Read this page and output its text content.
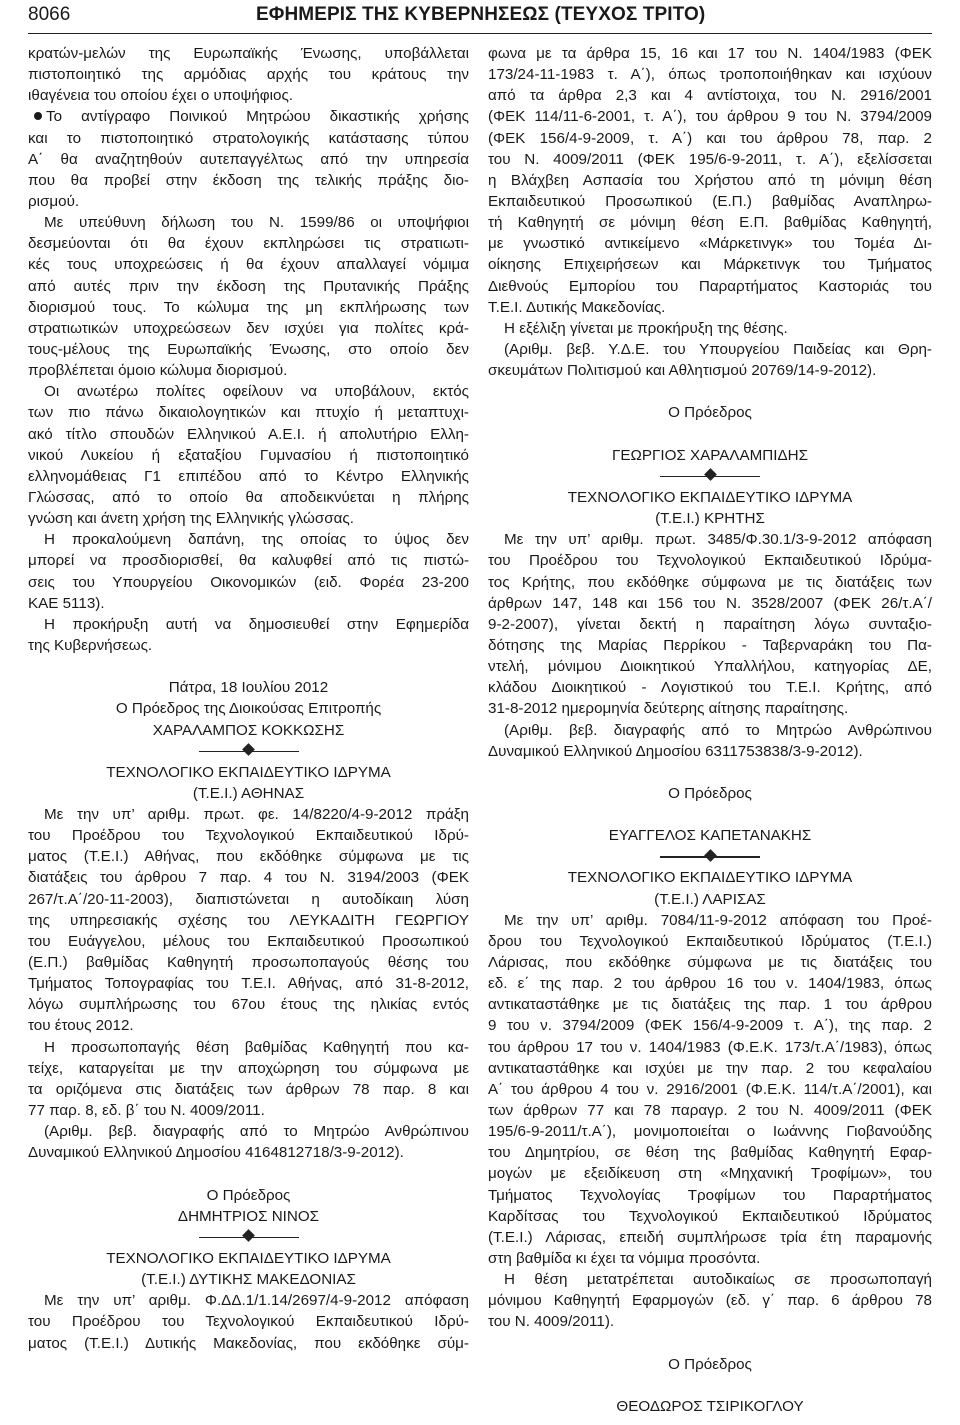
8066	ΕΦΗΜΕΡΙΣ ΤΗΣ ΚΥΒΕΡΝΗΣΕΩΣ (ΤΕΥΧΟΣ ΤΡΙΤΟ)
κρατών-μελών της Ευρωπαϊκής Ένωσης, υποβάλλεται
πιστοποιητικό της αρμόδιας αρχής του κράτους την
ιθαγένεια του οποίου έχει ο υποψήφιος.
Το αντίγραφο Ποινικού Μητρώου δικαστικής χρήσης
και το πιστοποιητικό στρατολογικής κατάστασης τύπου
Α΄ θα αναζητηθούν αυτεπαγγέλτως από την υπηρεσία
που θα προβεί στην έκδοση της τελικής πράξης διο-
ρισμού.
Με υπεύθυνη δήλωση του Ν. 1599/86 οι υποψήφιοι
δεσμεύονται ότι θα έχουν εκπληρώσει τις στρατιωτι-
κές τους υποχρεώσεις ή θα έχουν απαλλαγεί νόμιμα
από αυτές πριν την έκδοση της Πρυτανικής Πράξης
διορισμού τους. Το κώλυμα της μη εκπλήρωσης των
στρατιωτικών υποχρεώσεων δεν ισχύει για πολίτες κρά-
τους-μέλους της Ευρωπαϊκής Ένωσης, στο οποίο δεν
προβλέπεται όμοιο κώλυμα διορισμού.
Οι ανωτέρω πολίτες οφείλουν να υποβάλουν, εκτός
των πιο πάνω δικαιολογητικών και πτυχίο ή μεταπτυχι-
ακό τίτλο σπουδών Ελληνικού Α.Ε.Ι. ή απολυτήριο Ελλη-
νικού Λυκείου ή εξαταξίου Γυμνασίου ή πιστοποιητικό
ελληνομάθειας Γ1 επιπέδου από το Κέντρο Ελληνικής
Γλώσσας, από το οποίο θα αποδεικνύεται η πλήρης
γνώση και άνετη χρήση της Ελληνικής γλώσσας.
Η προκαλούμενη δαπάνη, της οποίας το ύψος δεν
μπορεί να προσδιορισθεί, θα καλυφθεί από τις πιστώ-
σεις του Υπουργείου Οικονομικών (ειδ. Φορέα 23-200
ΚΑΕ 5113).
Η προκήρυξη αυτή να δημοσιευθεί στην Εφημερίδα
της Κυβερνήσεως.
Πάτρα, 18 Ιουλίου 2012
Ο Πρόεδρος της Διοικούσας Επιτροπής
ΧΑΡΑΛΑΜΠΟΣ ΚΟΚΚΩΣΗΣ
ΤΕΧΝΟΛΟΓΙΚΟ ΕΚΠΑΙΔΕΥΤΙΚΟ ΙΔΡΥΜΑ
(Τ.Ε.Ι.) ΑΘΗΝΑΣ
Με την υπ’ αριθμ. πρωτ. φε. 14/8220/4-9-2012 πράξη
του Προέδρου του Τεχνολογικού Εκπαιδευτικού Ιδρύ-
ματος (Τ.Ε.Ι.) Αθήνας, που εκδόθηκε σύμφωνα με τις
διατάξεις του άρθρου 7 παρ. 4 του Ν. 3194/2003 (ΦΕΚ
267/τ.Α΄/20-11-2003), διαπιστώνεται η αυτοδίκαιη λύση
της υπηρεσιακής σχέσης του ΛΕΥΚΑΔΙΤΗ ΓΕΩΡΓΙΟΥ
του Ευάγγελου, μέλους του Εκπαιδευτικού Προσωπικού
(Ε.Π.) βαθμίδας Καθηγητή προσωποπαγούς θέσης του
Τμήματος Τοπογραφίας του Τ.Ε.Ι. Αθήνας, από 31-8-2012,
λόγω συμπλήρωσης του 67ου έτους της ηλικίας εντός
του έτους 2012.
Η προσωποπαγής θέση βαθμίδας Καθηγητή που κα-
τείχε, καταργείται με την αποχώρηση του σύμφωνα με
τα οριζόμενα στις διατάξεις των άρθρων 78 παρ. 8 και
77 παρ. 8, εδ. β΄ του Ν. 4009/2011.
(Αριθμ. βεβ. διαγραφής από το Μητρώο Ανθρώπινου
Δυναμικού Ελληνικού Δημοσίου 4164812718/3-9-2012).
Ο Πρόεδρος
ΔΗΜΗΤΡΙΟΣ ΝΙΝΟΣ
ΤΕΧΝΟΛΟΓΙΚΟ ΕΚΠΑΙΔΕΥΤΙΚΟ ΙΔΡΥΜΑ
(Τ.Ε.Ι.) ΔΥΤΙΚΗΣ ΜΑΚΕΔΟΝΙΑΣ
Με την υπ’ αριθμ. Φ.ΔΔ.1/1.14/2697/4-9-2012 απόφαση
του Προέδρου του Τεχνολογικού Εκπαιδευτικού Ιδρύ-
ματος (Τ.Ε.Ι.) Δυτικής Μακεδονίας, που εκδόθηκε σύμ-
φωνα με τα άρθρα 15, 16 και 17 του Ν. 1404/1983 (ΦΕΚ
173/24-11-1983 τ. Α΄), όπως τροποποιήθηκαν και ισχύουν
από τα άρθρα 2,3 και 4 αντίστοιχα, του Ν. 2916/2001
(ΦΕΚ 114/11-6-2001, τ. Α΄), του άρθρου 9 του Ν. 3794/2009
(ΦΕΚ 156/4-9-2009, τ. Α΄) και του άρθρου 78, παρ. 2
του Ν. 4009/2011 (ΦΕΚ 195/6-9-2011, τ. Α΄), εξελίσσεται
η Βλάχβεη Ασπασία του Χρήστου από τη μόνιμη θέση
Εκπαιδευτικού Προσωπικού (Ε.Π.) βαθμίδας Αναπληρω-
τή Καθηγητή σε μόνιμη θέση Ε.Π. βαθμίδας Καθηγητή,
με γνωστικό αντικείμενο «Μάρκετινγκ» του Τομέα Δι-
οίκησης Επιχειρήσεων και Μάρκετινγκ του Τμήματος
Διεθνούς Εμπορίου του Παραρτήματος Καστοριάς του
Τ.Ε.Ι. Δυτικής Μακεδονίας.
Η εξέλιξη γίνεται με προκήρυξη της θέσης.
(Αριθμ. βεβ. Υ.Δ.Ε. του Υπουργείου Παιδείας και Θρη-
σκευμάτων Πολιτισμού και Αθλητισμού 20769/14-9-2012).
Ο Πρόεδρος
ΓΕΩΡΓΙΟΣ ΧΑΡΑΛΑΜΠΙΔΗΣ
ΤΕΧΝΟΛΟΓΙΚΟ ΕΚΠΑΙΔΕΥΤΙΚΟ ΙΔΡΥΜΑ
(Τ.Ε.Ι.) ΚΡΗΤΗΣ
Με την υπ’ αριθμ. πρωτ. 3485/Φ.30.1/3-9-2012 απόφαση
του Προέδρου του Τεχνολογικού Εκπαιδευτικού Ιδρύμα-
τος Κρήτης, που εκδόθηκε σύμφωνα με τις διατάξεις των
άρθρων 147, 148 και 156 του Ν. 3528/2007 (ΦΕΚ 26/τ.Α΄/
9-2-2007), γίνεται δεκτή η παραίτηση λόγω συνταξιο-
δότησης της Μαρίας Περρίκου - Ταβερναράκη του Πα-
ντελή, μόνιμου Διοικητικού Υπαλλήλου, κατηγορίας ΔΕ,
κλάδου Διοικητικού - Λογιστικού του Τ.Ε.Ι. Κρήτης, από
31-8-2012 ημερομηνία δεύτερης αίτησης παραίτησης.
(Αριθμ. βεβ. διαγραφής από το Μητρώο Ανθρώπινου
Δυναμικού Ελληνικού Δημοσίου 6311753838/3-9-2012).
Ο Πρόεδρος
ΕΥΑΓΓΕΛΟΣ ΚΑΠΕΤΑΝΑΚΗΣ
ΤΕΧΝΟΛΟΓΙΚΟ ΕΚΠΑΙΔΕΥΤΙΚΟ ΙΔΡΥΜΑ
(Τ.Ε.Ι.) ΛΑΡΙΣΑΣ
Με την υπ’ αριθμ. 7084/11-9-2012 απόφαση του Προέ-
δρου του Τεχνολογικού Εκπαιδευτικού Ιδρύματος (Τ.Ε.Ι.)
Λάρισας, που εκδόθηκε σύμφωνα με τις διατάξεις του
εδ. ε΄ της παρ. 2 του άρθρου 16 του ν. 1404/1983, όπως
αντικαταστάθηκε με τις διατάξεις της παρ. 1 του άρθρου
9 του ν. 3794/2009 (ΦΕΚ 156/4-9-2009 τ. Α΄), της παρ. 2
του άρθρου 17 του ν. 1404/1983 (Φ.Ε.Κ. 173/τ.Α΄/1983), όπως
αντικαταστάθηκε και ισχύει με την παρ. 2 του κεφαλαίου
Α΄ του άρθρου 4 του ν. 2916/2001 (Φ.Ε.Κ. 114/τ.Α΄/2001), και
των άρθρων 77 και 78 παραγρ. 2 του Ν. 4009/2011 (ΦΕΚ
195/6-9-2011/τ.Α΄), μονιμοποιείται ο Ιωάννης Γιοβανούδης
του Δημητρίου, σε θέση της βαθμίδας Καθηγητή Εφαρ-
μογών με εξειδίκευση στη «Μηχανική Τροφίμων», του
Τμήματος Τεχνολογίας Τροφίμων του Παραρτήματος
Καρδίτσας του Τεχνολογικού Εκπαιδευτικού Ιδρύματος
(Τ.Ε.Ι.) Λάρισας, επειδή συμπλήρωσε τρία έτη παραμονής
στη βαθμίδα κι έχει τα νόμιμα προσόντα.
Η θέση μετατρέπεται αυτοδικαίως σε προσωποπαγή
μόνιμου Καθηγητή Εφαρμογών (εδ. γ΄ παρ. 6 άρθρου 78
του Ν. 4009/2011).
Ο Πρόεδρος
ΘΕΟΔΩΡΟΣ ΤΣΙΡΙΚΟΓΛΟΥ
